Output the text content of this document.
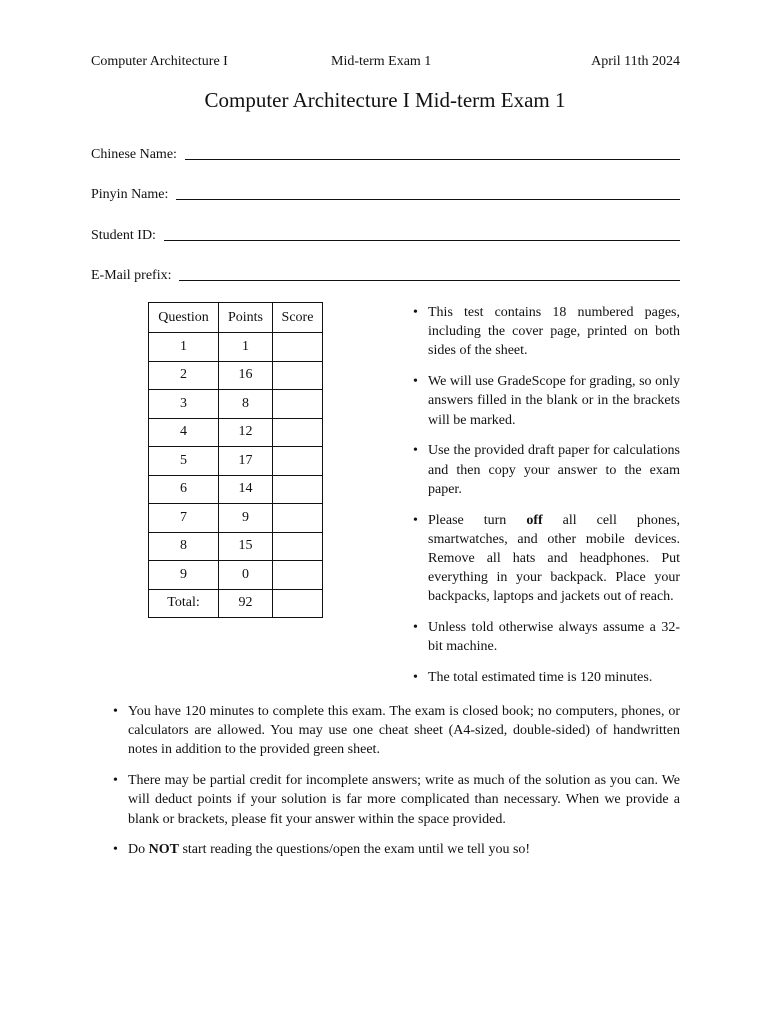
Computer Architecture I	Mid-term Exam 1	April 11th 2024
Computer Architecture I Mid-term Exam 1
Chinese Name:
Pinyin Name:
Student ID:
E-Mail prefix:
Question	Points	Score
1	1	
2	16	
3	8	
4	12	
5	17	
6	14	
7	9	
8	15	
9	0	
Total:	92	
• This test contains 18 numbered pages, including the cover page, printed on both sides of the sheet.
• We will use GradeScope for grading, so only answers filled in the blank or in the brackets will be marked.
• Use the provided draft paper for calculations and then copy your answer to the exam paper.
• Please turn off all cell phones, smartwatches, and other mobile devices. Remove all hats and headphones. Put everything in your backpack. Place your backpacks, laptops and jackets out of reach.
• Unless told otherwise always assume a 32-bit machine.
• The total estimated time is 120 minutes.
• You have 120 minutes to complete this exam. The exam is closed book; no computers, phones, or calculators are allowed. You may use one cheat sheet (A4-sized, double-sided) of handwritten notes in addition to the provided green sheet.
• There may be partial credit for incomplete answers; write as much of the solution as you can. We will deduct points if your solution is far more complicated than necessary. When we provide a blank or brackets, please fit your answer within the space provided.
• Do NOT start reading the questions/open the exam until we tell you so!
